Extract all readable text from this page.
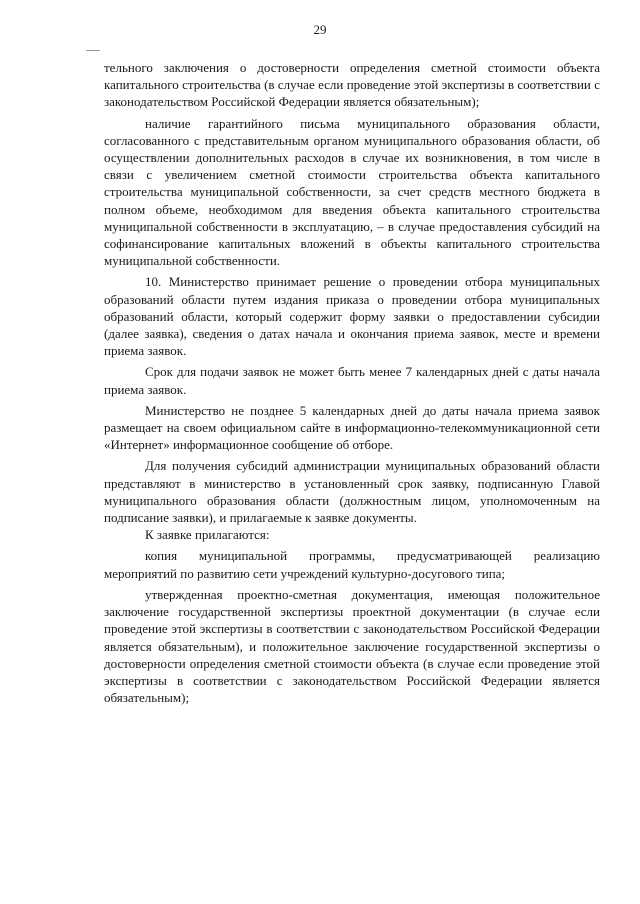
29

тельного заключения о достоверности определения сметной стоимости объекта капитального строительства (в случае если проведение этой экспертизы в соответствии с законодательством Российской Федерации является обязательным);

наличие гарантийного письма муниципального образования области, согласованного с представительным органом муниципального образования области, об осуществлении дополнительных расходов в случае их возникновения, в том числе в связи с увеличением сметной стоимости строительства объекта капитального строительства муниципальной собственности, за счет средств местного бюджета в полном объеме, необходимом для введения объекта капитального строительства муниципальной собственности в эксплуатацию, – в случае предоставления субсидий на софинансирование капитальных вложений в объекты капитального строительства муниципальной собственности.

10. Министерство принимает решение о проведении отбора муниципальных образований области путем издания приказа о проведении отбора муниципальных образований области, который содержит форму заявки о предоставлении субсидии (далее заявка), сведения о датах начала и окончания приема заявок, месте и времени приема заявок.

Срок для подачи заявок не может быть менее 7 календарных дней с даты начала приема заявок.

Министерство не позднее 5 календарных дней до даты начала приема заявок размещает на своем официальном сайте в информационно-телекоммуникационной сети «Интернет» информационное сообщение об отборе.

Для получения субсидий администрации муниципальных образований области представляют в министерство в установленный срок заявку, подписанную Главой муниципального образования области (должностным лицом, уполномоченным на подписание заявки), и прилагаемые к заявке документы.

К заявке прилагаются:

копия муниципальной программы, предусматривающей реализацию мероприятий по развитию сети учреждений культурно-досугового типа;

утвержденная проектно-сметная документация, имеющая положительное заключение государственной экспертизы проектной документации (в случае если проведение этой экспертизы в соответствии с законодательством Российской Федерации является обязательным), и положительное заключение государственной экспертизы о достоверности определения сметной стоимости объекта (в случае если проведение этой экспертизы в соответствии с законодательством Российской Федерации является обязательным);
